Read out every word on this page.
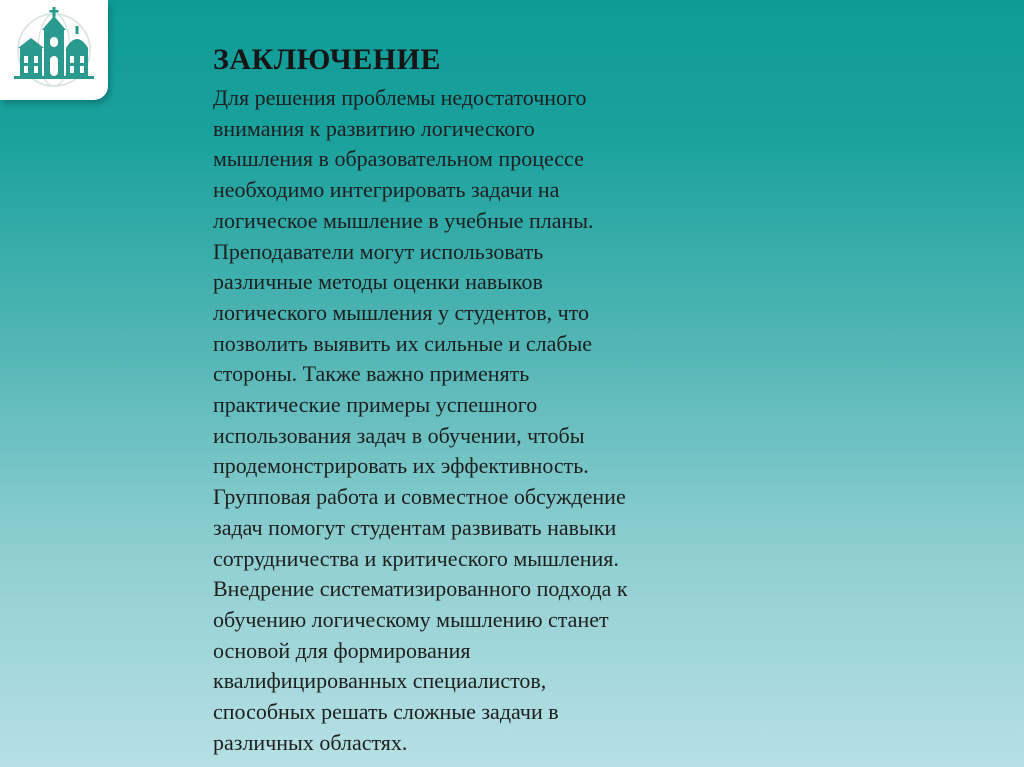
ЗАКЛЮЧЕНИЕ

Для решения проблемы недостаточного

внимания к развитию логического

мышления в образовательном процессе

необходимо интегрировать задачи на

логическое мышление в учебные планы.

Преподаватели могут использовать

различные методы оценки навыков

логического мышления у студентов, что

позволить выявить их сильные и слабые

стороны. Также важно применять

практические примеры успешного

использования задач в обучении, чтобы

продемонстрировать их эффективность.

Групповая работа и совместное обсуждение

задач помогут студентам развивать навыки

сотрудничества и критического мышления.

Внедрение систематизированного подхода к

обучению логическому мышлению станет

основой для формирования

квалифицированных специалистов,

способных решать сложные задачи в

различных областях.
